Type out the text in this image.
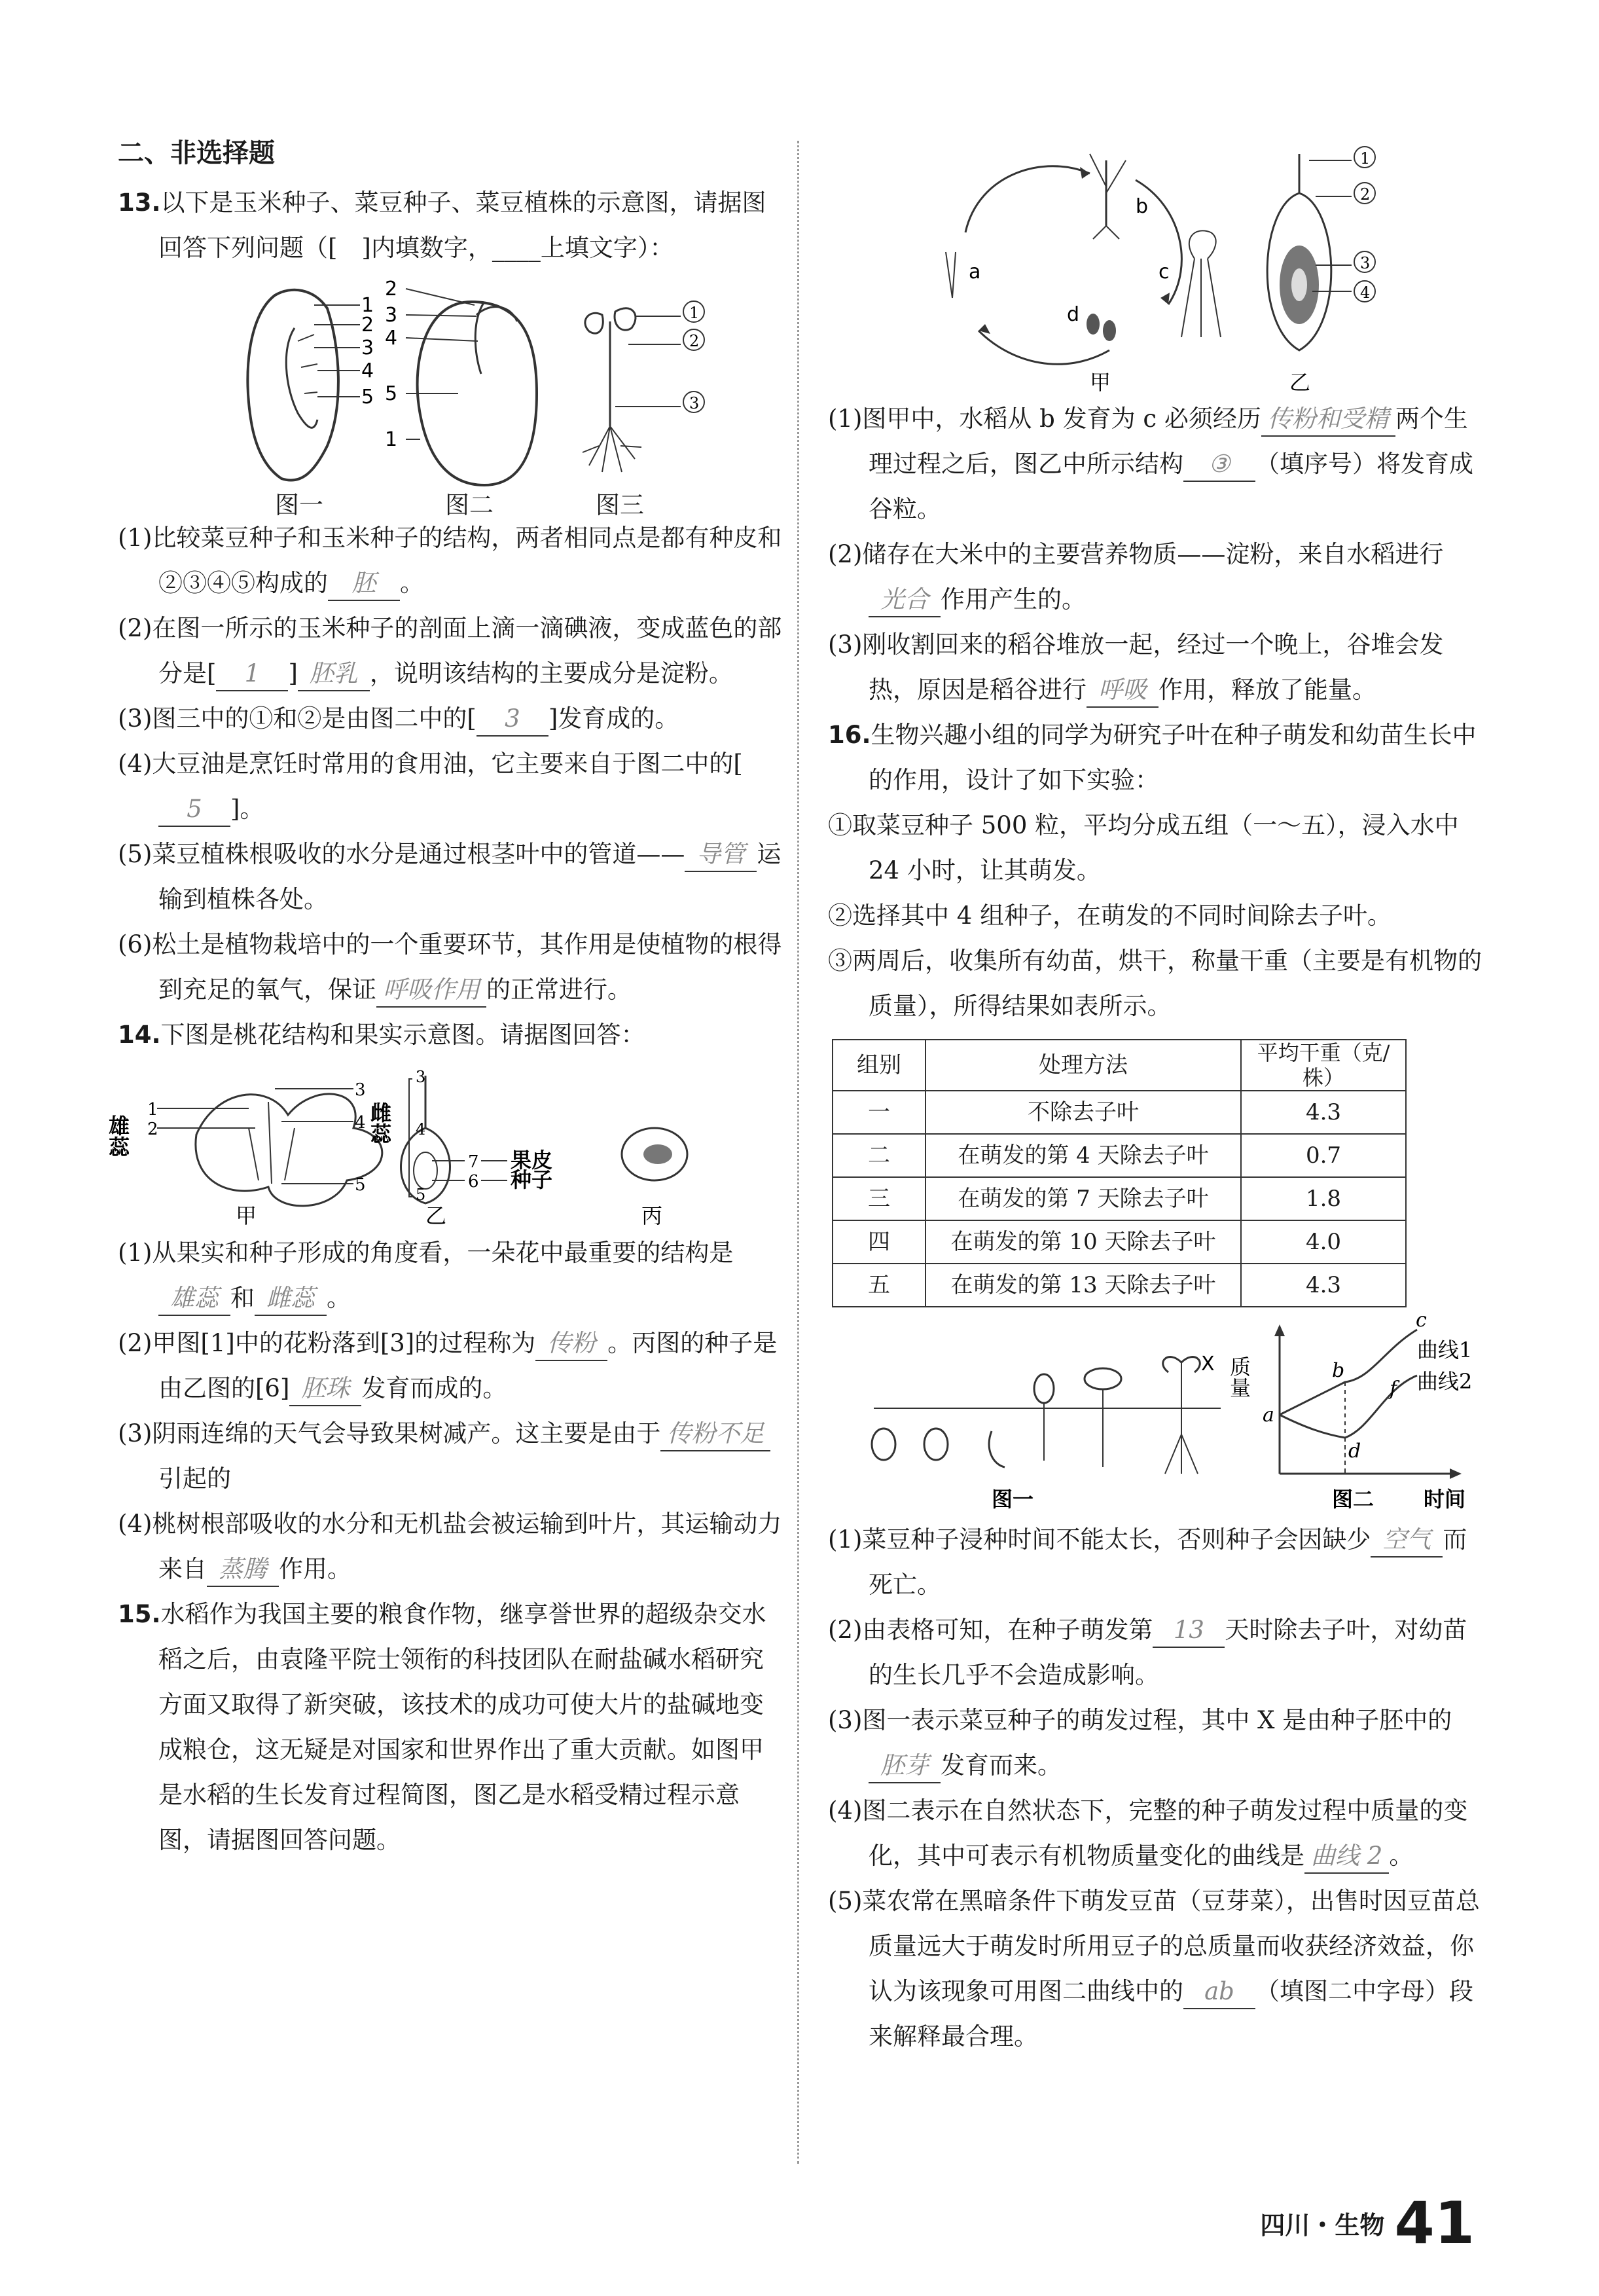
二、非选择题
13.以下是玉米种子、菜豆种子、菜豆植株的示意图，请据图回答下列问题（[　]内填数字，____上填文字）：
1
2
3
4
5
2
3
4
5
1
1
2
3
图一	图二	图三
(1)比较菜豆种子和玉米种子的结构，两者相同点是都有种皮和②③④⑤构成的 胚 。
(2)在图一所示的玉米种子的剖面上滴一滴碘液，变成蓝色的部分是[ 1 ] 胚乳 ，说明该结构的主要成分是淀粉。
(3)图三中的①和②是由图二中的[ 3 ]发育成的。
(4)大豆油是烹饪时常用的食用油，它主要来自于图二中的[5 ]。
(5)菜豆植株根吸收的水分是通过根茎叶中的管道—— 导管 运输到植株各处。
(6)松土是植物栽培中的一个重要环节，其作用是使植物的根得到充足的氧气，保证 呼吸作用 的正常进行。
14.下图是桃花结构和果实示意图。请据图回答：
1
2
3
4
5
雄蕊	雌蕊
3
4
5
7
6
果皮
种子
甲	乙	丙
(1)从果实和种子形成的角度看，一朵花中最重要的结构是雄蕊 和 雌蕊 。
(2)甲图[1]中的花粉落到[3]的过程称为 传粉 。丙图的种子是由乙图的[6] 胚珠 发育而成的。
(3)阴雨连绵的天气会导致果树减产。这主要是由于 传粉不足引起的
(4)桃树根部吸收的水分和无机盐会被运输到叶片，其运输动力来自 蒸腾 作用。
15.水稻作为我国主要的粮食作物，继享誉世界的超级杂交水稻之后，由袁隆平院士领衔的科技团队在耐盐碱水稻研究方面又取得了新突破，该技术的成功可使大片的盐碱地变成粮仓，这无疑是对国家和世界作出了重大贡献。如图甲是水稻的生长发育过程简图，图乙是水稻受精过程示意图，请据图回答问题。
b
c
a
d
1
2
3
4
甲	乙
(1)图甲中，水稻从 b 发育为 c 必须经历 传粉和受精 两个生理过程之后，图乙中所示结构 ③ （填序号）将发育成谷粒。
(2)储存在大米中的主要营养物质——淀粉，来自水稻进行光合 作用产生的。
(3)刚收割回来的稻谷堆放一起，经过一个晚上，谷堆会发热，原因是稻谷进行 呼吸 作用，释放了能量。
16.生物兴趣小组的同学为研究子叶在种子萌发和幼苗生长中的作用，设计了如下实验：
①取菜豆种子 500 粒，平均分成五组（一～五），浸入水中 24 小时，让其萌发。
②选择其中 4 组种子，在萌发的不同时间除去子叶。
③两周后，收集所有幼苗，烘干，称量干重（主要是有机物的质量），所得结果如表所示。
组别	处理方法	平均干重（克/株）
一	不除去子叶	4.3
二	在萌发的第 4 天除去子叶	0.7
三	在萌发的第 7 天除去子叶	1.8
四	在萌发的第 10 天除去子叶	4.0
五	在萌发的第 13 天除去子叶	4.3
X
图一
质量
时间
a
b
c
d
f
曲线1
曲线2
图二
(1)菜豆种子浸种时间不能太长，否则种子会因缺少 空气 而死亡。
(2)由表格可知，在种子萌发第 13 天时除去子叶，对幼苗的生长几乎不会造成影响。
(3)图一表示菜豆种子的萌发过程，其中 X 是由种子胚中的胚芽 发育而来。
(4)图二表示在自然状态下，完整的种子萌发过程中质量的变化，其中可表示有机物质量变化的曲线是 曲线 2 。
(5)菜农常在黑暗条件下萌发豆苗（豆芽菜），出售时因豆苗总质量远大于萌发时所用豆子的总质量而收获经济效益，你认为该现象可用图二曲线中的 ab （填图二中字母）段来解释最合理。
四川・生物 41
